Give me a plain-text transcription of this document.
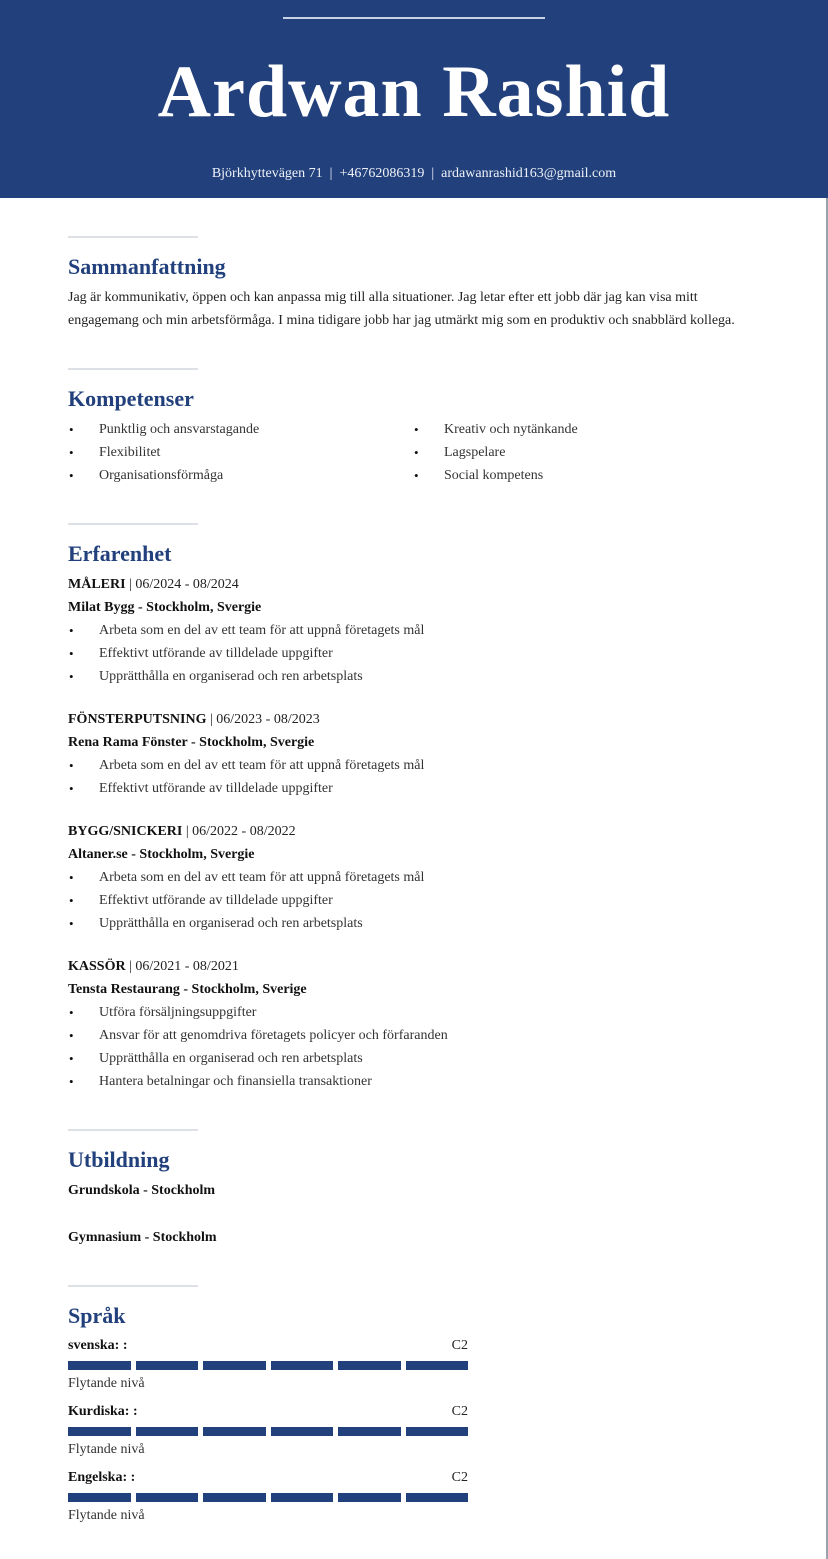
Ardwan Rashid
Björkhyttevägen 71 | +46762086319 | ardawanrashid163@gmail.com
Sammanfattning

Jag är kommunikativ, öppen och kan anpassa mig till alla situationer. Jag letar efter ett jobb där jag kan visa mitt engagemang och min arbetsförmåga. I mina tidigare jobb har jag utmärkt mig som en produktiv och snabblärd kollega.

Kompetenser
• Punktlig och ansvarstagande
• Flexibilitet
• Organisationsförmåga
• Kreativ och nytänkande
• Lagspelare
• Social kompetens
Erfarenhet
MÅLERI | 06/2024 - 08/2024
Milat Bygg - Stockholm, Svergie
• Arbeta som en del av ett team för att uppnå företagets mål
• Effektivt utförande av tilldelade uppgifter
• Upprätthålla en organiserad och ren arbetsplats
FÖNSTERPUTSNING | 06/2023 - 08/2023
Rena Rama Fönster - Stockholm, Svergie
• Arbeta som en del av ett team för att uppnå företagets mål
• Effektivt utförande av tilldelade uppgifter
BYGG/SNICKERI | 06/2022 - 08/2022
Altaner.se - Stockholm, Svergie
• Arbeta som en del av ett team för att uppnå företagets mål
• Effektivt utförande av tilldelade uppgifter
• Upprätthålla en organiserad och ren arbetsplats
KASSÖR | 06/2021 - 08/2021
Tensta Restaurang - Stockholm, Sverige
• Utföra försäljningsuppgifter
• Ansvar för att genomdriva företagets policyer och förfaranden
• Upprätthålla en organiserad och ren arbetsplats
• Hantera betalningar och finansiella transaktioner
Utbildning
Grundskola - Stockholm
Gymnasium - Stockholm
Språk
svenska: :	C2
Flytande nivå
Kurdiska: :	C2
Flytande nivå
Engelska: :	C2
Flytande nivå
